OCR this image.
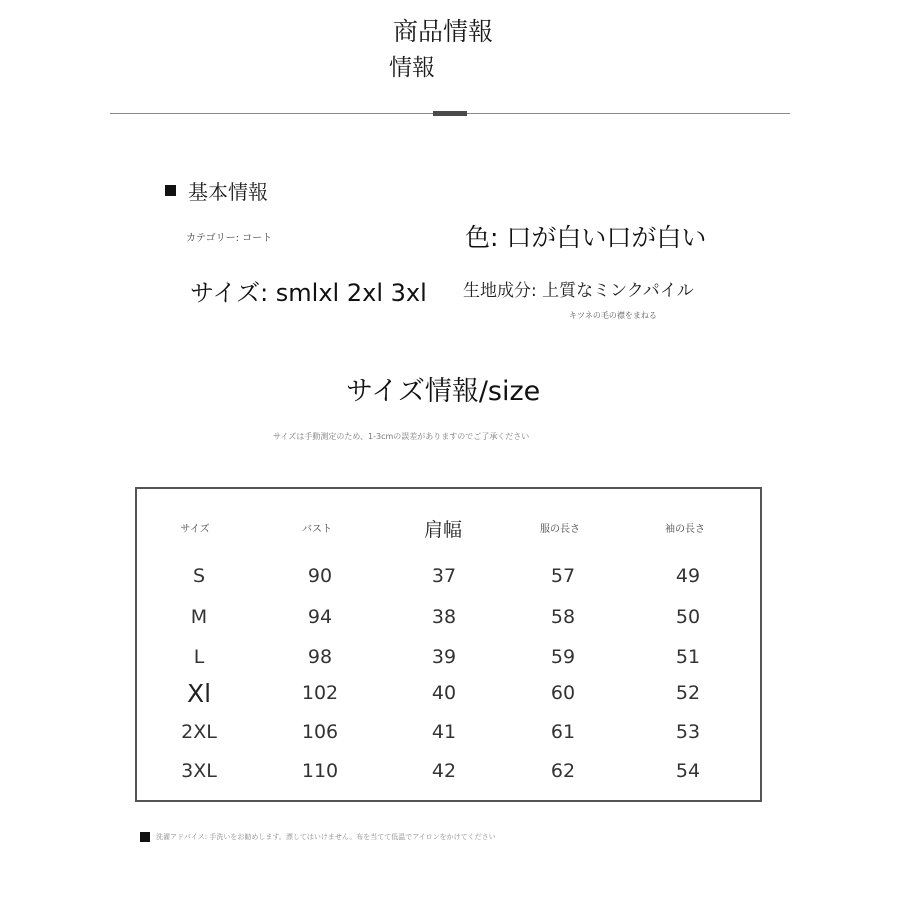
商品情報
情報
基本情報
カテゴリー: コート	色: 口が白い口が白い
サイズ: smlxl 2xl 3xl 生地成分: 上質なミンクパイル
キツネの毛の襟をまねる
サイズ情報/size
サイズは手動測定のため、1-3cmの誤差がありますのでご了承ください
サイズ	バスト	肩幅	服の長さ	袖の長さ
S	90	37	57	49
M	94	38	58	50
L	98	39	59	51
Xl	102	40	60	52
2XL	106	41	61	53
3XL	110	42	62	54
洗濯アドバイス: 手洗いをお勧めします。漂してはいけません。布を当てて低温でアイロンをかけてください
